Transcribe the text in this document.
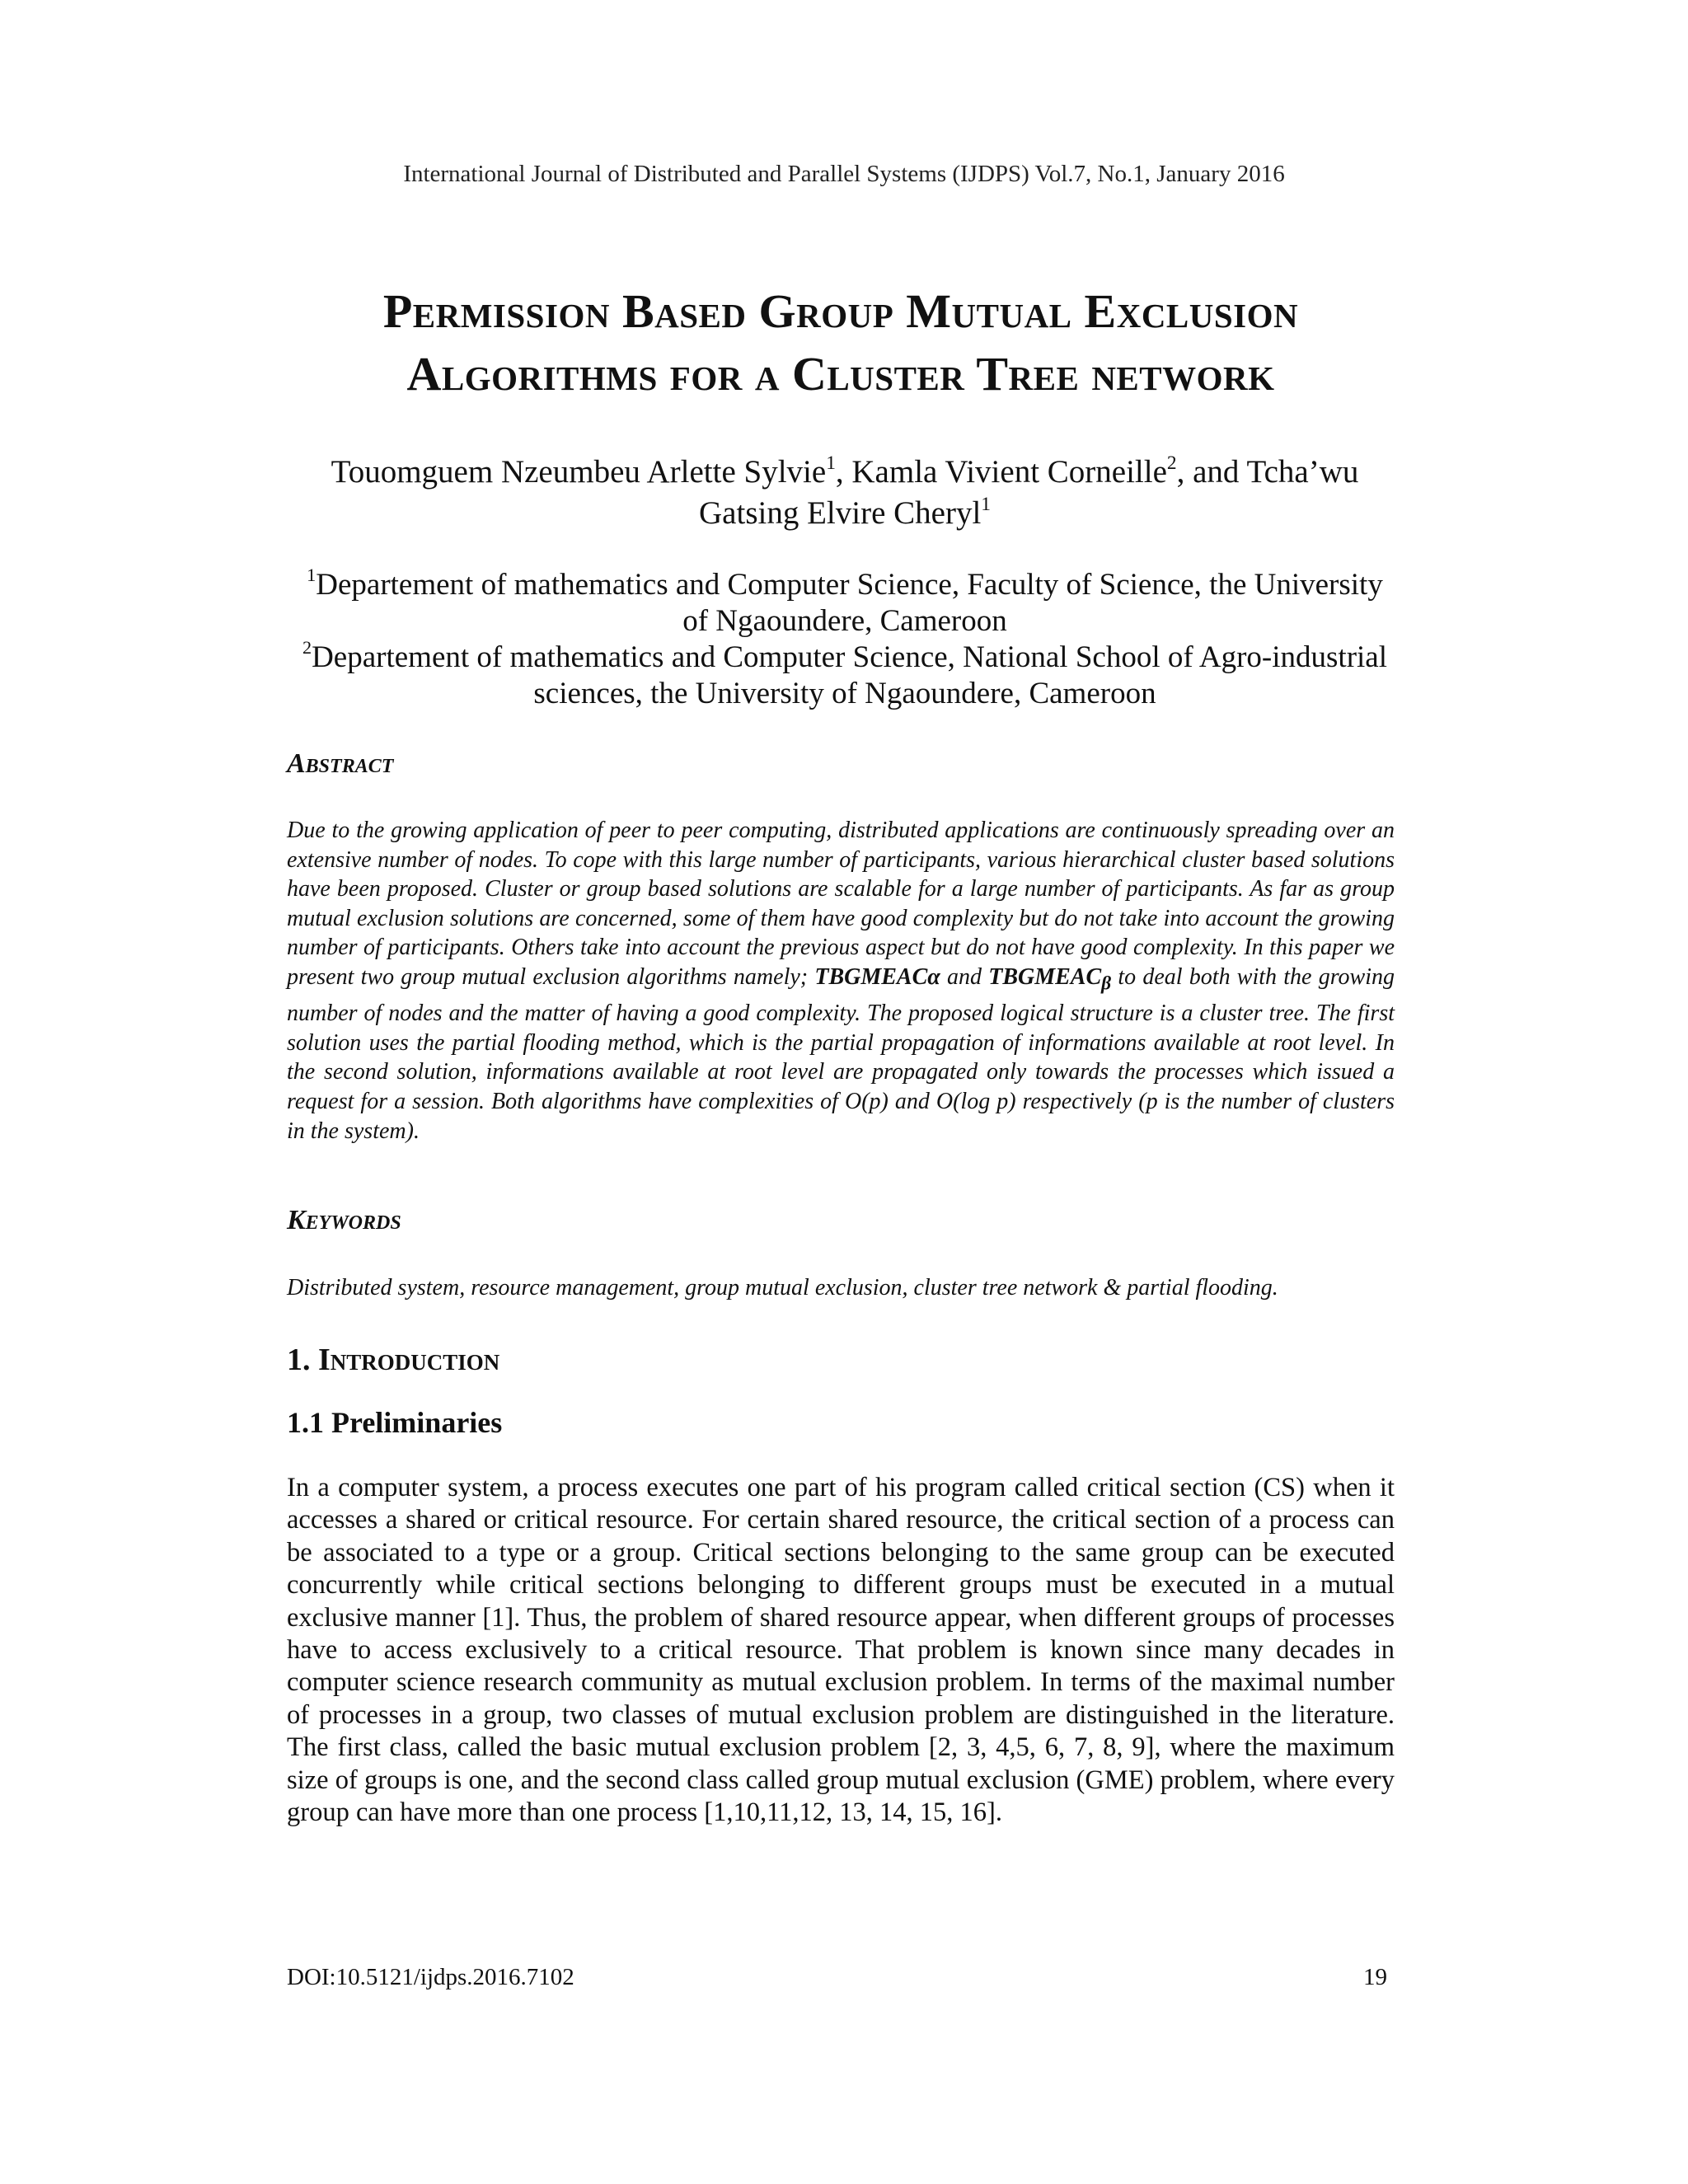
International Journal of Distributed and Parallel Systems (IJDPS) Vol.7, No.1, January 2016
Permission Based Group Mutual Exclusion
Algorithms for a Cluster Tree network
Touomguem Nzeumbeu Arlette Sylvie$^1$, Kamla Vivient Corneille$^2$, and Tcha’wu
Gatsing Elvire Cheryl$^1$
$^1$Departement of mathematics and Computer Science, Faculty of Science, the University
of Ngaoundere, Cameroon
$^2$Departement of mathematics and Computer Science, National School of Agro-industrial
sciences, the University of Ngaoundere, Cameroon
Abstract
Due to the growing application of peer to peer computing, distributed applications are continuously spreading over an extensive number of nodes. To cope with this large number of participants, various hierarchical cluster based solutions have been proposed. Cluster or group based solutions are scalable for a large number of participants. As far as group mutual exclusion solutions are concerned, some of them have good complexity but do not take into account the growing number of participants. Others take into account the previous aspect but do not have good complexity. In this paper we present two group mutual exclusion algorithms namely; TBGMEACα and $TBGMEAC_\beta$ to deal both with the growing number of nodes and the matter of having a good complexity. The proposed logical structure is a cluster tree. The first solution uses the partial flooding method, which is the partial propagation of informations available at root level. In the second solution, informations available at root level are propagated only towards the processes which issued a request for a session. Both algorithms have complexities of O(p) and O(log p) respectively (p is the number of clusters in the system).
Keywords
Distributed system, resource management, group mutual exclusion, cluster tree network & partial flooding.
1. Introduction
1.1 Preliminaries
In a computer system, a process executes one part of his program called critical section (CS) when it accesses a shared or critical resource. For certain shared resource, the critical section of a process can be associated to a type or a group. Critical sections belonging to the same group can be executed concurrently while critical sections belonging to different groups must be executed in a mutual exclusive manner [1]. Thus, the problem of shared resource appear, when different groups of processes have to access exclusively to a critical resource. That problem is known since many decades in computer science research community as mutual exclusion problem. In terms of the maximal number of processes in a group, two classes of mutual exclusion problem are distinguished in the literature. The first class, called the basic mutual exclusion problem [2, 3, 4,5, 6, 7, 8, 9], where the maximum size of groups is one, and the second class called group mutual exclusion (GME) problem, where every group can have more than one process [1,10,11,12, 13, 14, 15, 16].
DOI:10.5121/ijdps.2016.7102	19
